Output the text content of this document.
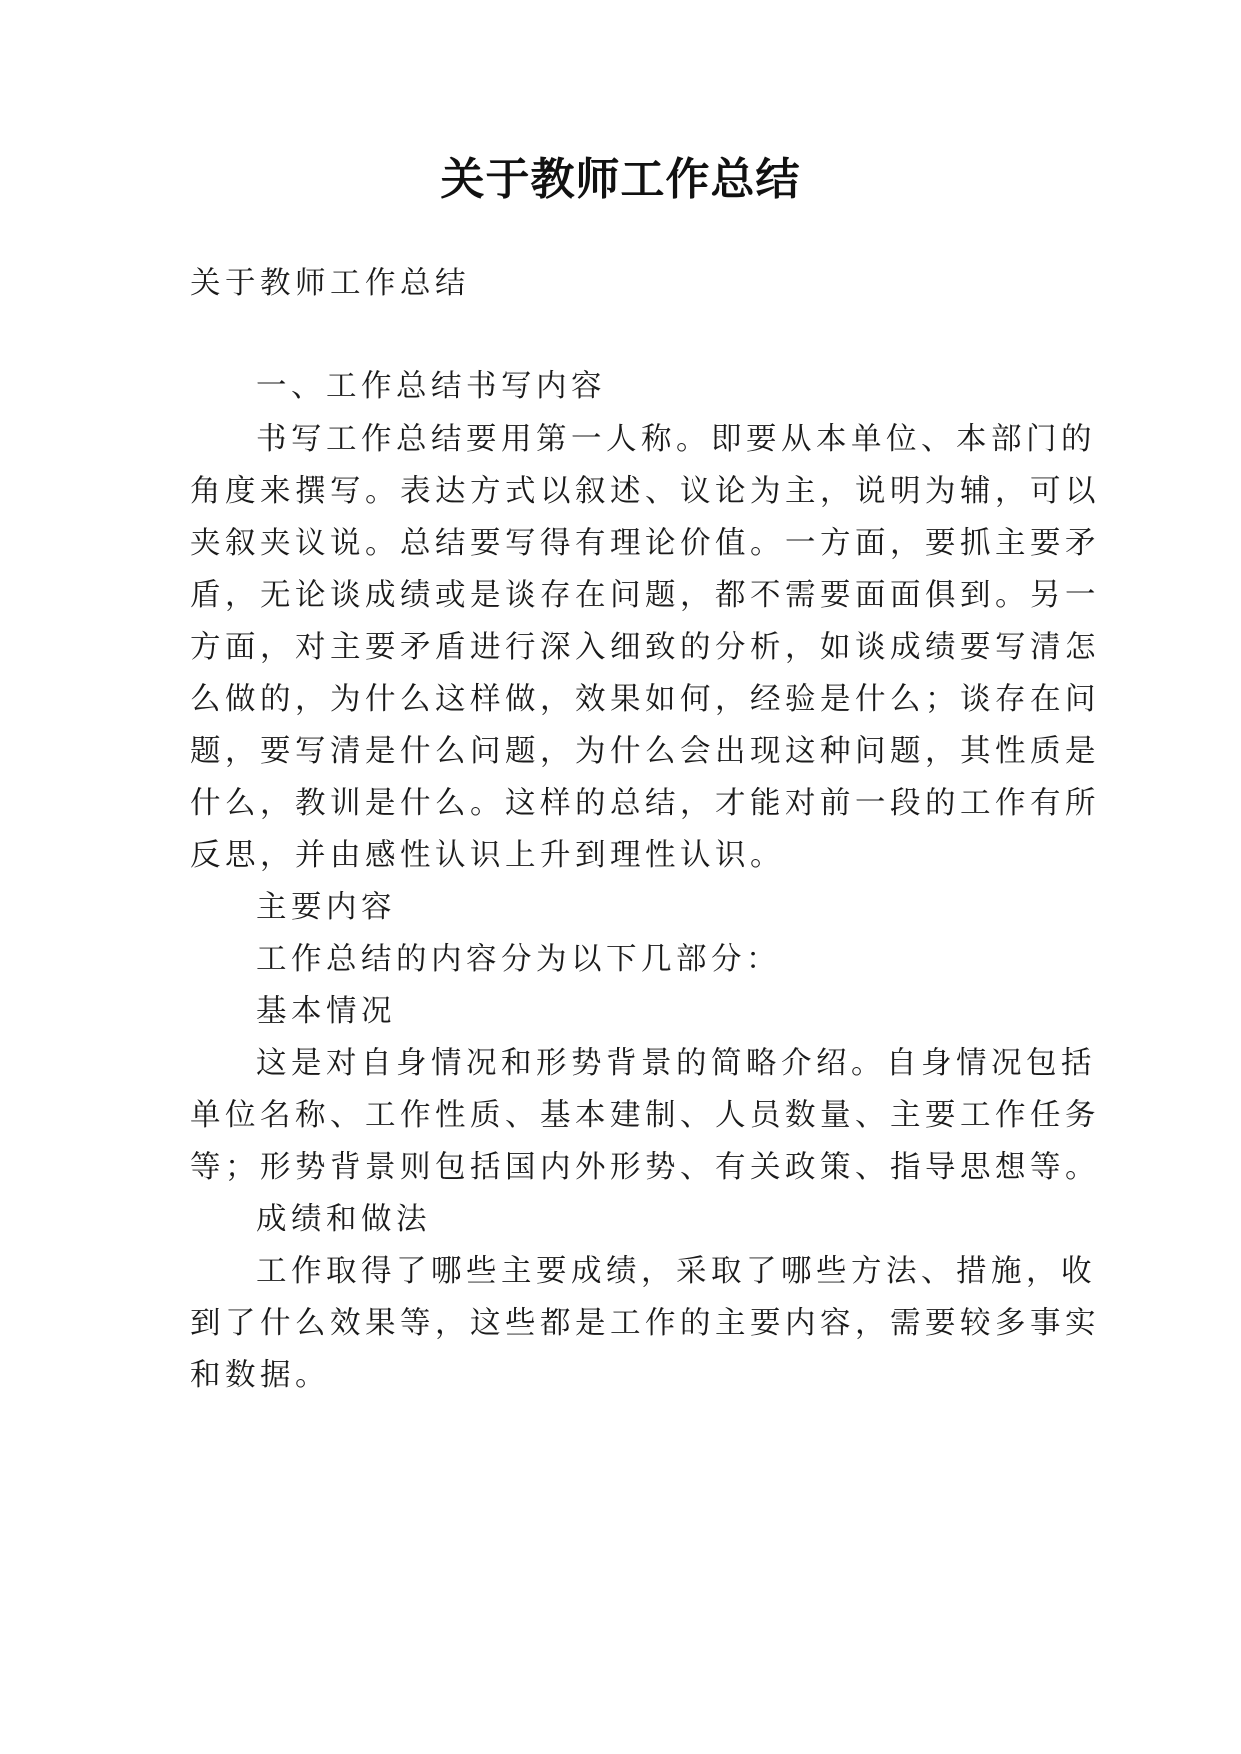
关于教师工作总结
关于教师工作总结
一、工作总结书写内容
书写工作总结要用第一人称。即要从本单位、本部门的
角度来撰写。表达方式以叙述、议论为主，说明为辅，可以
夹叙夹议说。总结要写得有理论价值。一方面，要抓主要矛
盾，无论谈成绩或是谈存在问题，都不需要面面俱到。另一
方面，对主要矛盾进行深入细致的分析，如谈成绩要写清怎
么做的，为什么这样做，效果如何，经验是什么；谈存在问
题，要写清是什么问题，为什么会出现这种问题，其性质是
什么，教训是什么。这样的总结，才能对前一段的工作有所
反思，并由感性认识上升到理性认识。
主要内容
工作总结的内容分为以下几部分：
基本情况
这是对自身情况和形势背景的简略介绍。自身情况包括
单位名称、工作性质、基本建制、人员数量、主要工作任务
等；形势背景则包括国内外形势、有关政策、指导思想等。
成绩和做法
工作取得了哪些主要成绩，采取了哪些方法、措施，收
到了什么效果等，这些都是工作的主要内容，需要较多事实
和数据。
